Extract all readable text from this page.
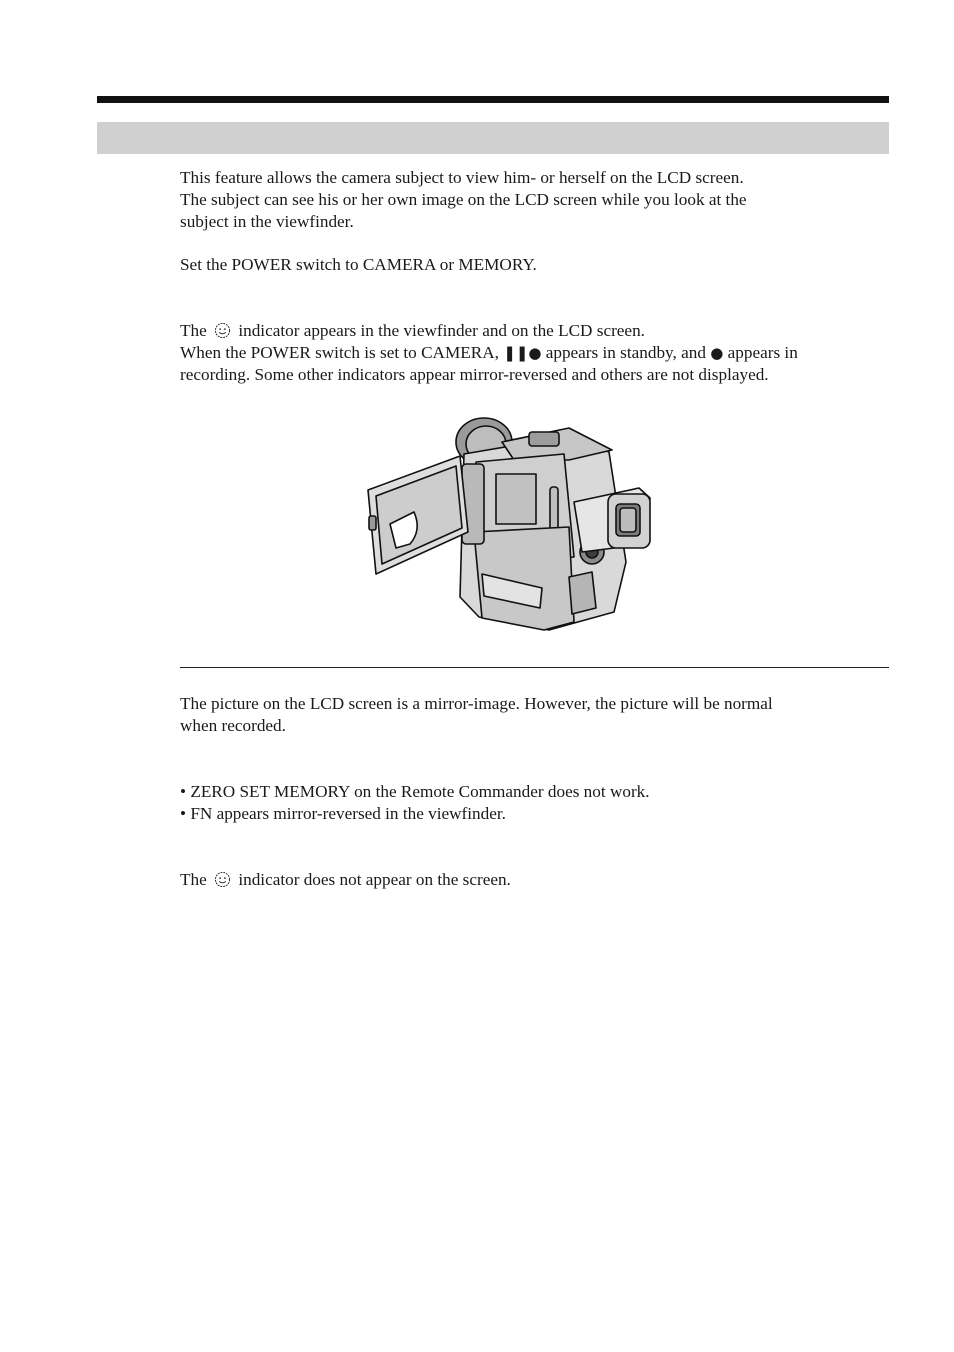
This feature allows the camera subject to view him- or herself on the LCD screen.
The subject can see his or her own image on the LCD screen while you look at the
subject in the viewfinder.
Set the POWER switch to CAMERA or MEMORY.
The indicator appears in the viewfinder and on the LCD screen.
When the POWER switch is set to CAMERA, ❚❚● appears in standby, and ● appears in
recording. Some other indicators appear mirror-reversed and others are not displayed.
The picture on the LCD screen is a mirror-image. However, the picture will be normal
when recorded.
• ZERO SET MEMORY on the Remote Commander does not work.
• FN appears mirror-reversed in the viewfinder.
The indicator does not appear on the screen.
